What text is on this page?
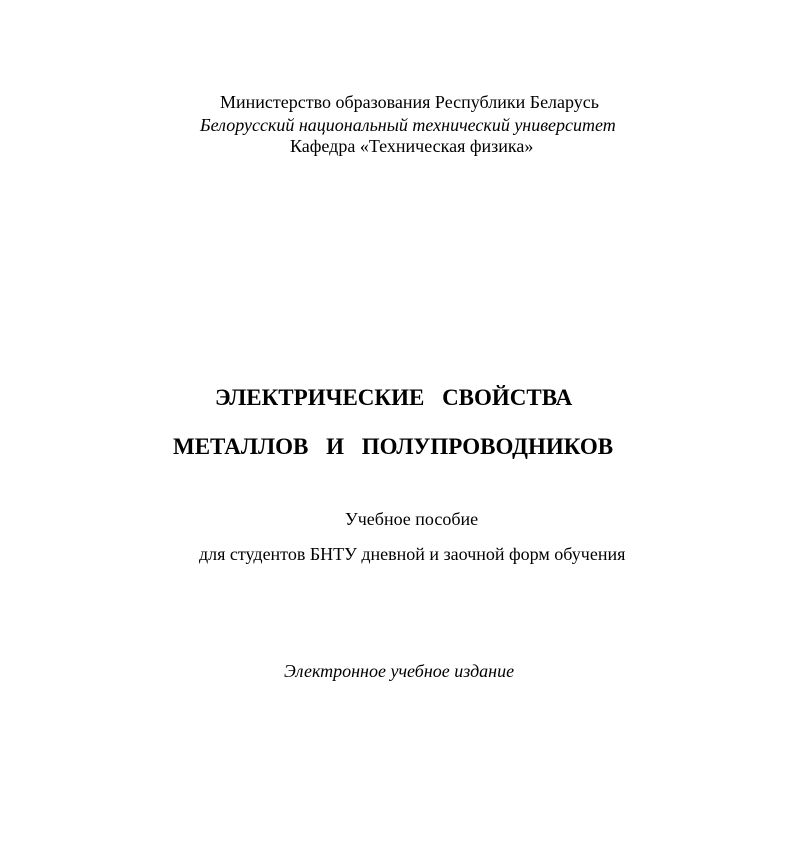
Министерство образования Республики Беларусь
Белорусский национальный технический университет
Кафедра «Техническая физика»
ЭЛЕКТРИЧЕСКИЕ СВОЙСТВА
МЕТАЛЛОВ И ПОЛУПРОВОДНИКОВ
Учебное пособие
для студентов БНТУ дневной и заочной форм обучения
Электронное учебное издание
